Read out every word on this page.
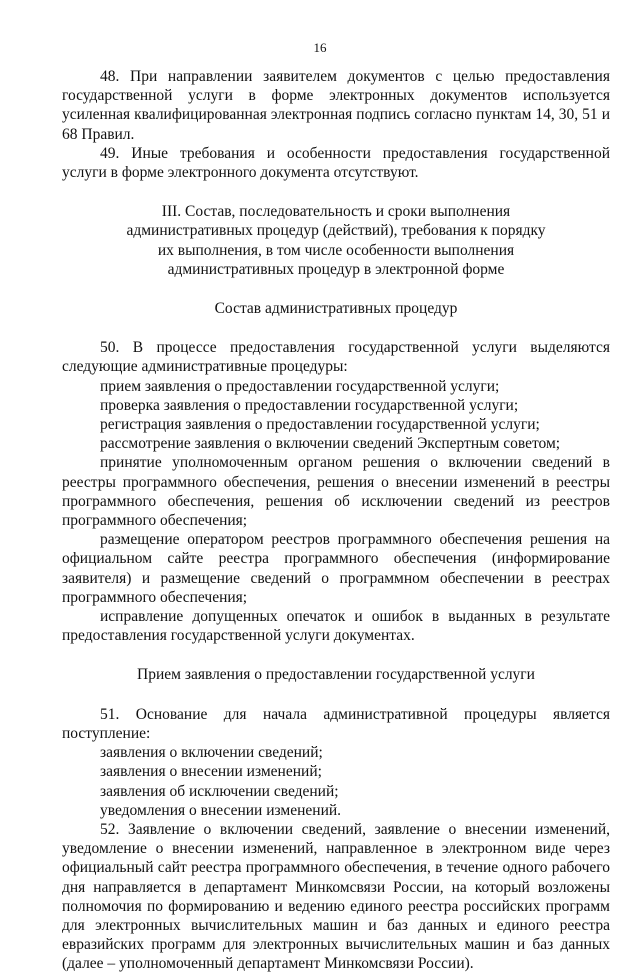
16

48. При направлении заявителем документов с целью предоставления государственной услуги в форме электронных документов используется усиленная квалифицированная электронная подпись согласно пунктам 14, 30, 51 и 68 Правил.

49. Иные требования и особенности предоставления государственной услуги в форме электронного документа отсутствуют.

III. Состав, последовательность и сроки выполнения административных процедур (действий), требования к порядку их выполнения, в том числе особенности выполнения административных процедур в электронной форме

Состав административных процедур

50. В процессе предоставления государственной услуги выделяются следующие административные процедуры:

прием заявления о предоставлении государственной услуги;

проверка заявления о предоставлении государственной услуги;

регистрация заявления о предоставлении государственной услуги;

рассмотрение заявления о включении сведений Экспертным советом;

принятие уполномоченным органом решения о включении сведений в реестры программного обеспечения, решения о внесении изменений в реестры программного обеспечения, решения об исключении сведений из реестров программного обеспечения;

размещение оператором реестров программного обеспечения решения на официальном сайте реестра программного обеспечения (информирование заявителя) и размещение сведений о программном обеспечении в реестрах программного обеспечения;

исправление допущенных опечаток и ошибок в выданных в результате предоставления государственной услуги документах.

Прием заявления о предоставлении государственной услуги

51. Основание для начала административной процедуры является поступление:

заявления о включении сведений;

заявления о внесении изменений;

заявления об исключении сведений;

уведомления о внесении изменений.

52. Заявление о включении сведений, заявление о внесении изменений, уведомление о внесении изменений, направленное в электронном виде через официальный сайт реестра программного обеспечения, в течение одного рабочего дня направляется в департамент Минкомсвязи России, на который возложены полномочия по формированию и ведению единого реестра российских программ для электронных вычислительных машин и баз данных и единого реестра евразийских программ для электронных вычислительных машин и баз данных (далее – уполномоченный департамент Минкомсвязи России).
